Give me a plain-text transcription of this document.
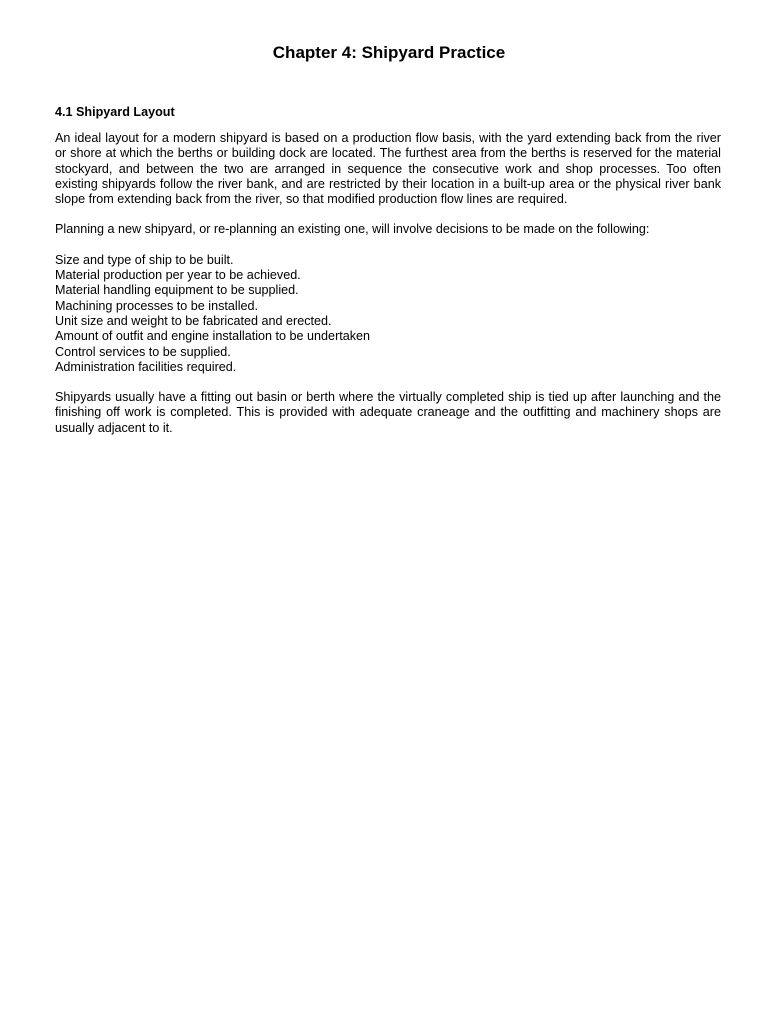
Chapter 4: Shipyard Practice
4.1 Shipyard Layout

An ideal layout for a modern shipyard is based on a production flow basis, with the yard extending back from the river or shore at which the berths or building dock are located. The furthest area from the berths is reserved for the material stockyard, and between the two are arranged in sequence the consecutive work and shop processes. Too often existing shipyards follow the river bank, and are restricted by their location in a built-up area or the physical river bank slope from extending back from the river, so that modified production flow lines are required.

Planning a new shipyard, or re-planning an existing one, will involve decisions to be made on the following:

Size and type of ship to be built.
Material production per year to be achieved.
Material handling equipment to be supplied.
Machining processes to be installed.
Unit size and weight to be fabricated and erected.
Amount of outfit and engine installation to be undertaken
Control services to be supplied.
Administration facilities required.

Shipyards usually have a fitting out basin or berth where the virtually completed ship is tied up after launching and the finishing off work is completed. This is provided with adequate craneage and the outfitting and machinery shops are usually adjacent to it.
